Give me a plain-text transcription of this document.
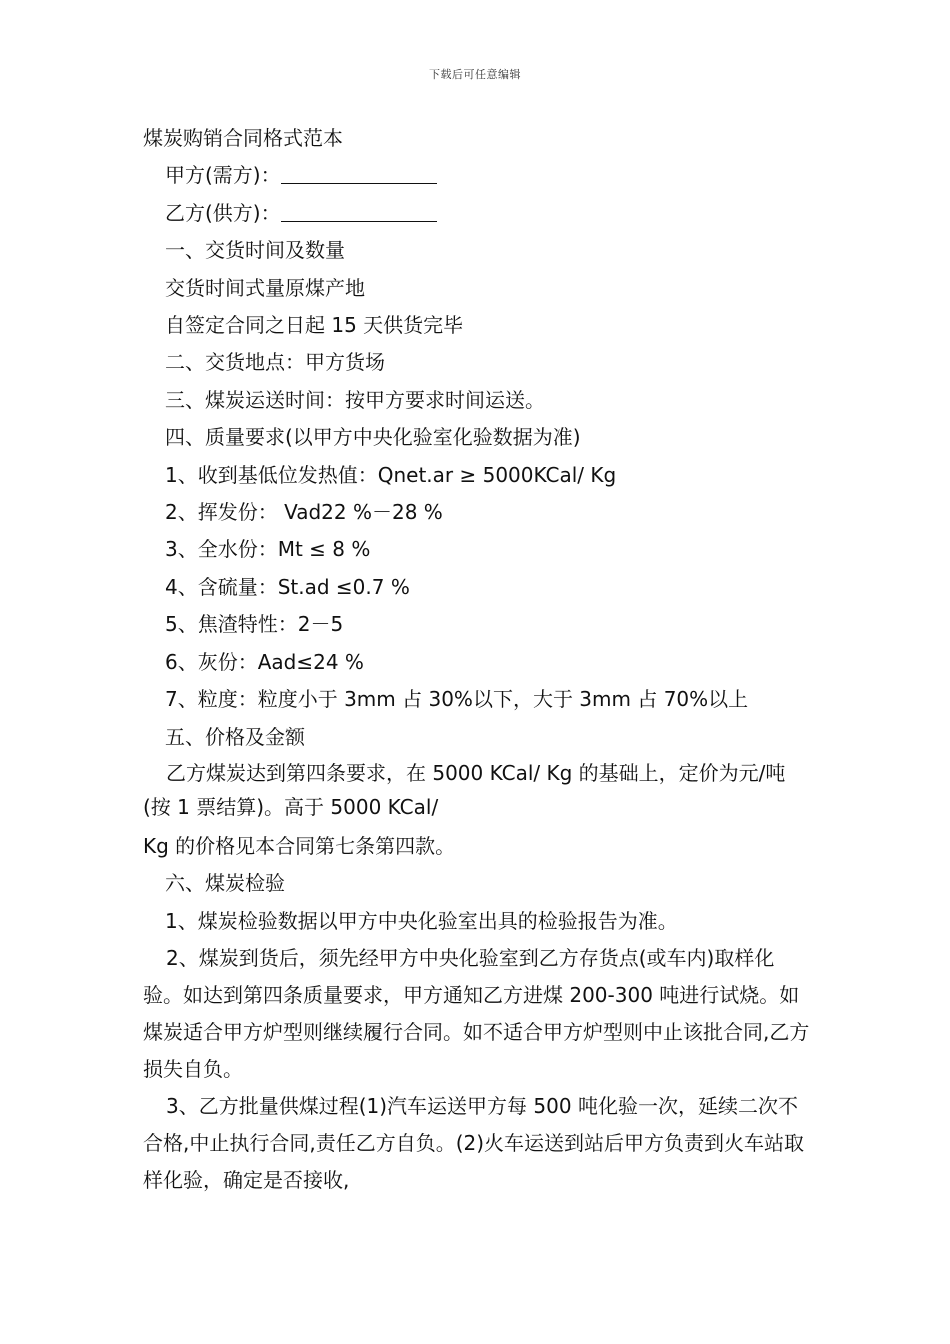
下载后可任意编辑
煤炭购销合同格式范本
甲方(需方)：
乙方(供方)：
一、交货时间及数量
交货时间式量原煤产地
自签定合同之日起 15 天供货完毕
二、交货地点：甲方货场
三、煤炭运送时间：按甲方要求时间运送。
四、质量要求(以甲方中央化验室化验数据为准)
1、收到基低位发热值：Qnet.ar ≥ 5000KCal/ Kg
2、挥发份： Vad22 %－28 %
3、全水份：Mt ≤ 8 %
4、含硫量：St.ad ≤0.7 %
5、焦渣特性：2－5
6、灰份：Aad≤24 %
7、粒度：粒度小于 3mm 占 30%以下，大于 3mm 占 70%以上
五、价格及金额
乙方煤炭达到第四条要求，在 5000 KCal/ Kg 的基础上，定价为元/吨(按 1 票结算)。高于 5000 KCal/
Kg 的价格见本合同第七条第四款。
六、煤炭检验
1、煤炭检验数据以甲方中央化验室出具的检验报告为准。
2、煤炭到货后，须先经甲方中央化验室到乙方存货点(或车内)取样化验。如达到第四条质量要求，甲方通知乙方进煤 200-300 吨进行试烧。如煤炭适合甲方炉型则继续履行合同。如不适合甲方炉型则中止该批合同,乙方损失自负。
3、乙方批量供煤过程(1)汽车运送甲方每 500 吨化验一次，延续二次不合格,中止执行合同,责任乙方自负。(2)火车运送到站后甲方负责到火车站取样化验，确定是否接收,
